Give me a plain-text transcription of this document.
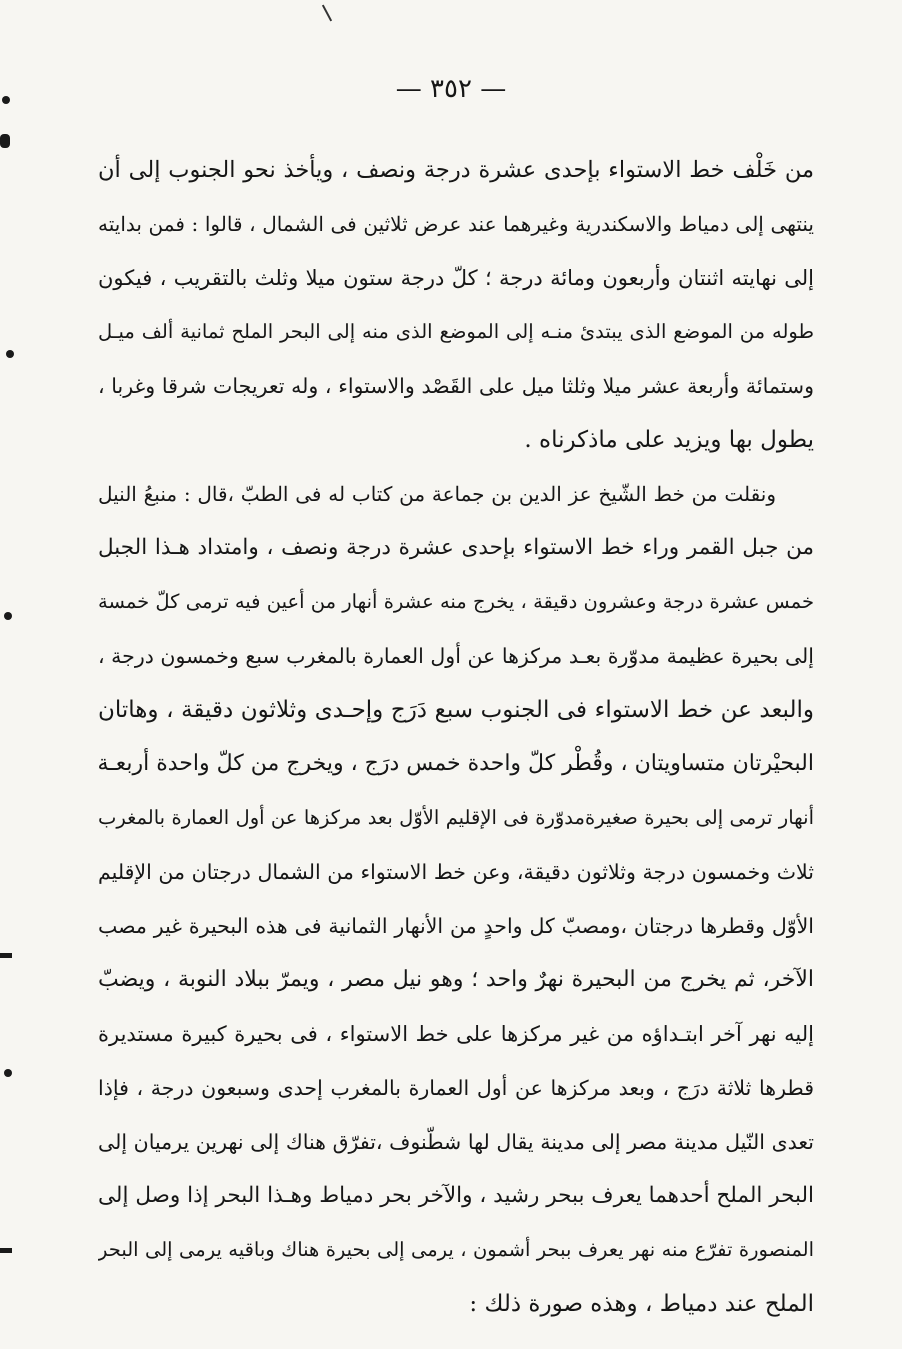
— ٣٥٢ —
من خَلْف خط الاستواء بإحدى عشرة درجة ونصف ، ويأخذ نحو الجنوب إلى أن
ينتهى إلى دمياط والاسكندرية وغيرهما عند عرض ثلاثين فى الشمال ، قالوا : فمن بدايته
إلى نهايته اثنتان وأربعون ومائة درجة ؛ كلّ درجة ستون ميلا وثلث بالتقريب ، فيكون
طوله من الموضع الذى يبتدئ منـه إلى الموضع الذى منه إلى البحر الملح ثمانية ألف ميـل
وستمائة وأربعة عشر ميلا وثلثا ميل على القَصْد والاستواء ، وله تعريجات شرقا وغربا ،
يطول بها ويزيد على ماذكرناه .
ونقلت من خط الشّيخ عز الدين بن جماعة من كتاب له فى الطبّ ،قال : منبعُ النيل
من جبل القمر وراء خط الاستواء بإحدى عشرة درجة ونصف ، وامتداد هـذا الجبل
خمس عشرة درجة وعشرون دقيقة ، يخرج منه عشرة أنهار من أعين فيه ترمى كلّ خمسة
إلى بحيرة عظيمة مدوّرة بعـد مركزها عن أول العمارة بالمغرب سبع وخمسون درجة ،
والبعد عن خط الاستواء فى الجنوب سبع دَرَج وإحـدى وثلاثون دقيقة ، وهاتان
البحيْرتان متساويتان ، وقُطْر كلّ واحدة خمس درَج ، ويخرج من كلّ واحدة أربعـة
أنهار ترمى إلى بحيرة صغيرةمدوّرة فى الإقليم الأوّل بعد مركزها عن أول العمارة بالمغرب
ثلاث وخمسون درجة وثلاثون دقيقة، وعن خط الاستواء من الشمال درجتان من الإقليم
الأوّل وقطرها درجتان ،ومصبّ كل واحدٍ من الأنهار الثمانية فى هذه البحيرة غير مصب
الآخر، ثم يخرج من البحيرة نهرٌ واحد ؛ وهو نيل مصر ، ويمرّ ببلاد النوبة ، ويضبّ
إليه نهر آخر ابتـداؤه من غير مركزها على خط الاستواء ، فى بحيرة كبيرة مستديرة
قطرها ثلاثة درَج ، وبعد مركزها عن أول العمارة بالمغرب إحدى وسبعون درجة ، فإذا
تعدى النّيل مدينة مصر إلى مدينة يقال لها شطّنوف ،تفرّق هناك إلى نهرين يرميان إلى
البحر الملح أحدهما يعرف ببحر رشيد ، والآخر بحر دمياط وهـذا البحر إذا وصل إلى
المنصورة تفرّع منه نهر يعرف ببحر أشمون ، يرمى إلى بحيرة هناك وباقيه يرمى إلى البحر
الملح عند دمياط ، وهذه صورة ذلك :
